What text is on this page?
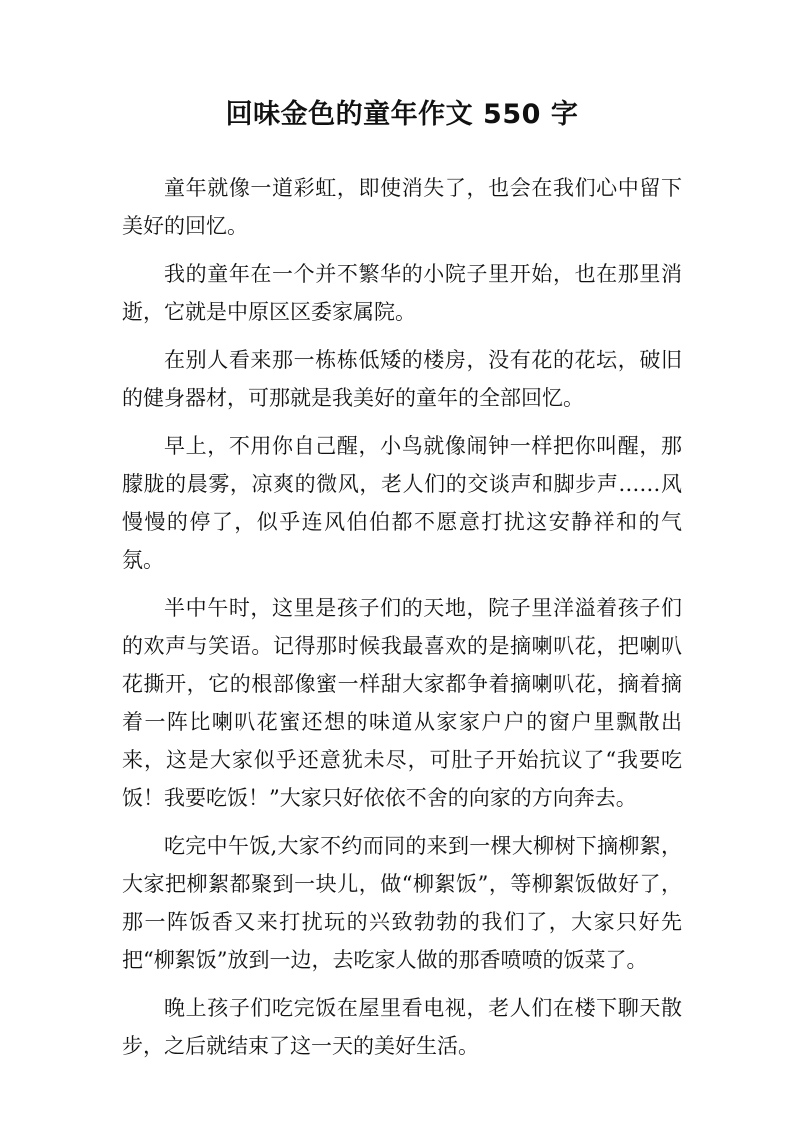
回味金色的童年作文 550 字

童年就像一道彩虹，即使消失了，也会在我们心中留下美好的回忆。

我的童年在一个并不繁华的小院子里开始，也在那里消逝，它就是中原区区委家属院。

在别人看来那一栋栋低矮的楼房，没有花的花坛，破旧的健身器材，可那就是我美好的童年的全部回忆。

早上，不用你自己醒，小鸟就像闹钟一样把你叫醒，那朦胧的晨雾，凉爽的微风，老人们的交谈声和脚步声……风慢慢的停了，似乎连风伯伯都不愿意打扰这安静祥和的气氛。

半中午时，这里是孩子们的天地，院子里洋溢着孩子们的欢声与笑语。记得那时候我最喜欢的是摘喇叭花，把喇叭花撕开，它的根部像蜜一样甜大家都争着摘喇叭花，摘着摘着一阵比喇叭花蜜还想的味道从家家户户的窗户里飘散出来，这是大家似乎还意犹未尽，可肚子开始抗议了“我要吃饭！我要吃饭！”大家只好依依不舍的向家的方向奔去。

吃完中午饭,大家不约而同的来到一棵大柳树下摘柳絮，大家把柳絮都聚到一块儿，做“柳絮饭”，等柳絮饭做好了，那一阵饭香又来打扰玩的兴致勃勃的我们了，大家只好先把“柳絮饭”放到一边，去吃家人做的那香喷喷的饭菜了。

晚上孩子们吃完饭在屋里看电视，老人们在楼下聊天散步，之后就结束了这一天的美好生活。
